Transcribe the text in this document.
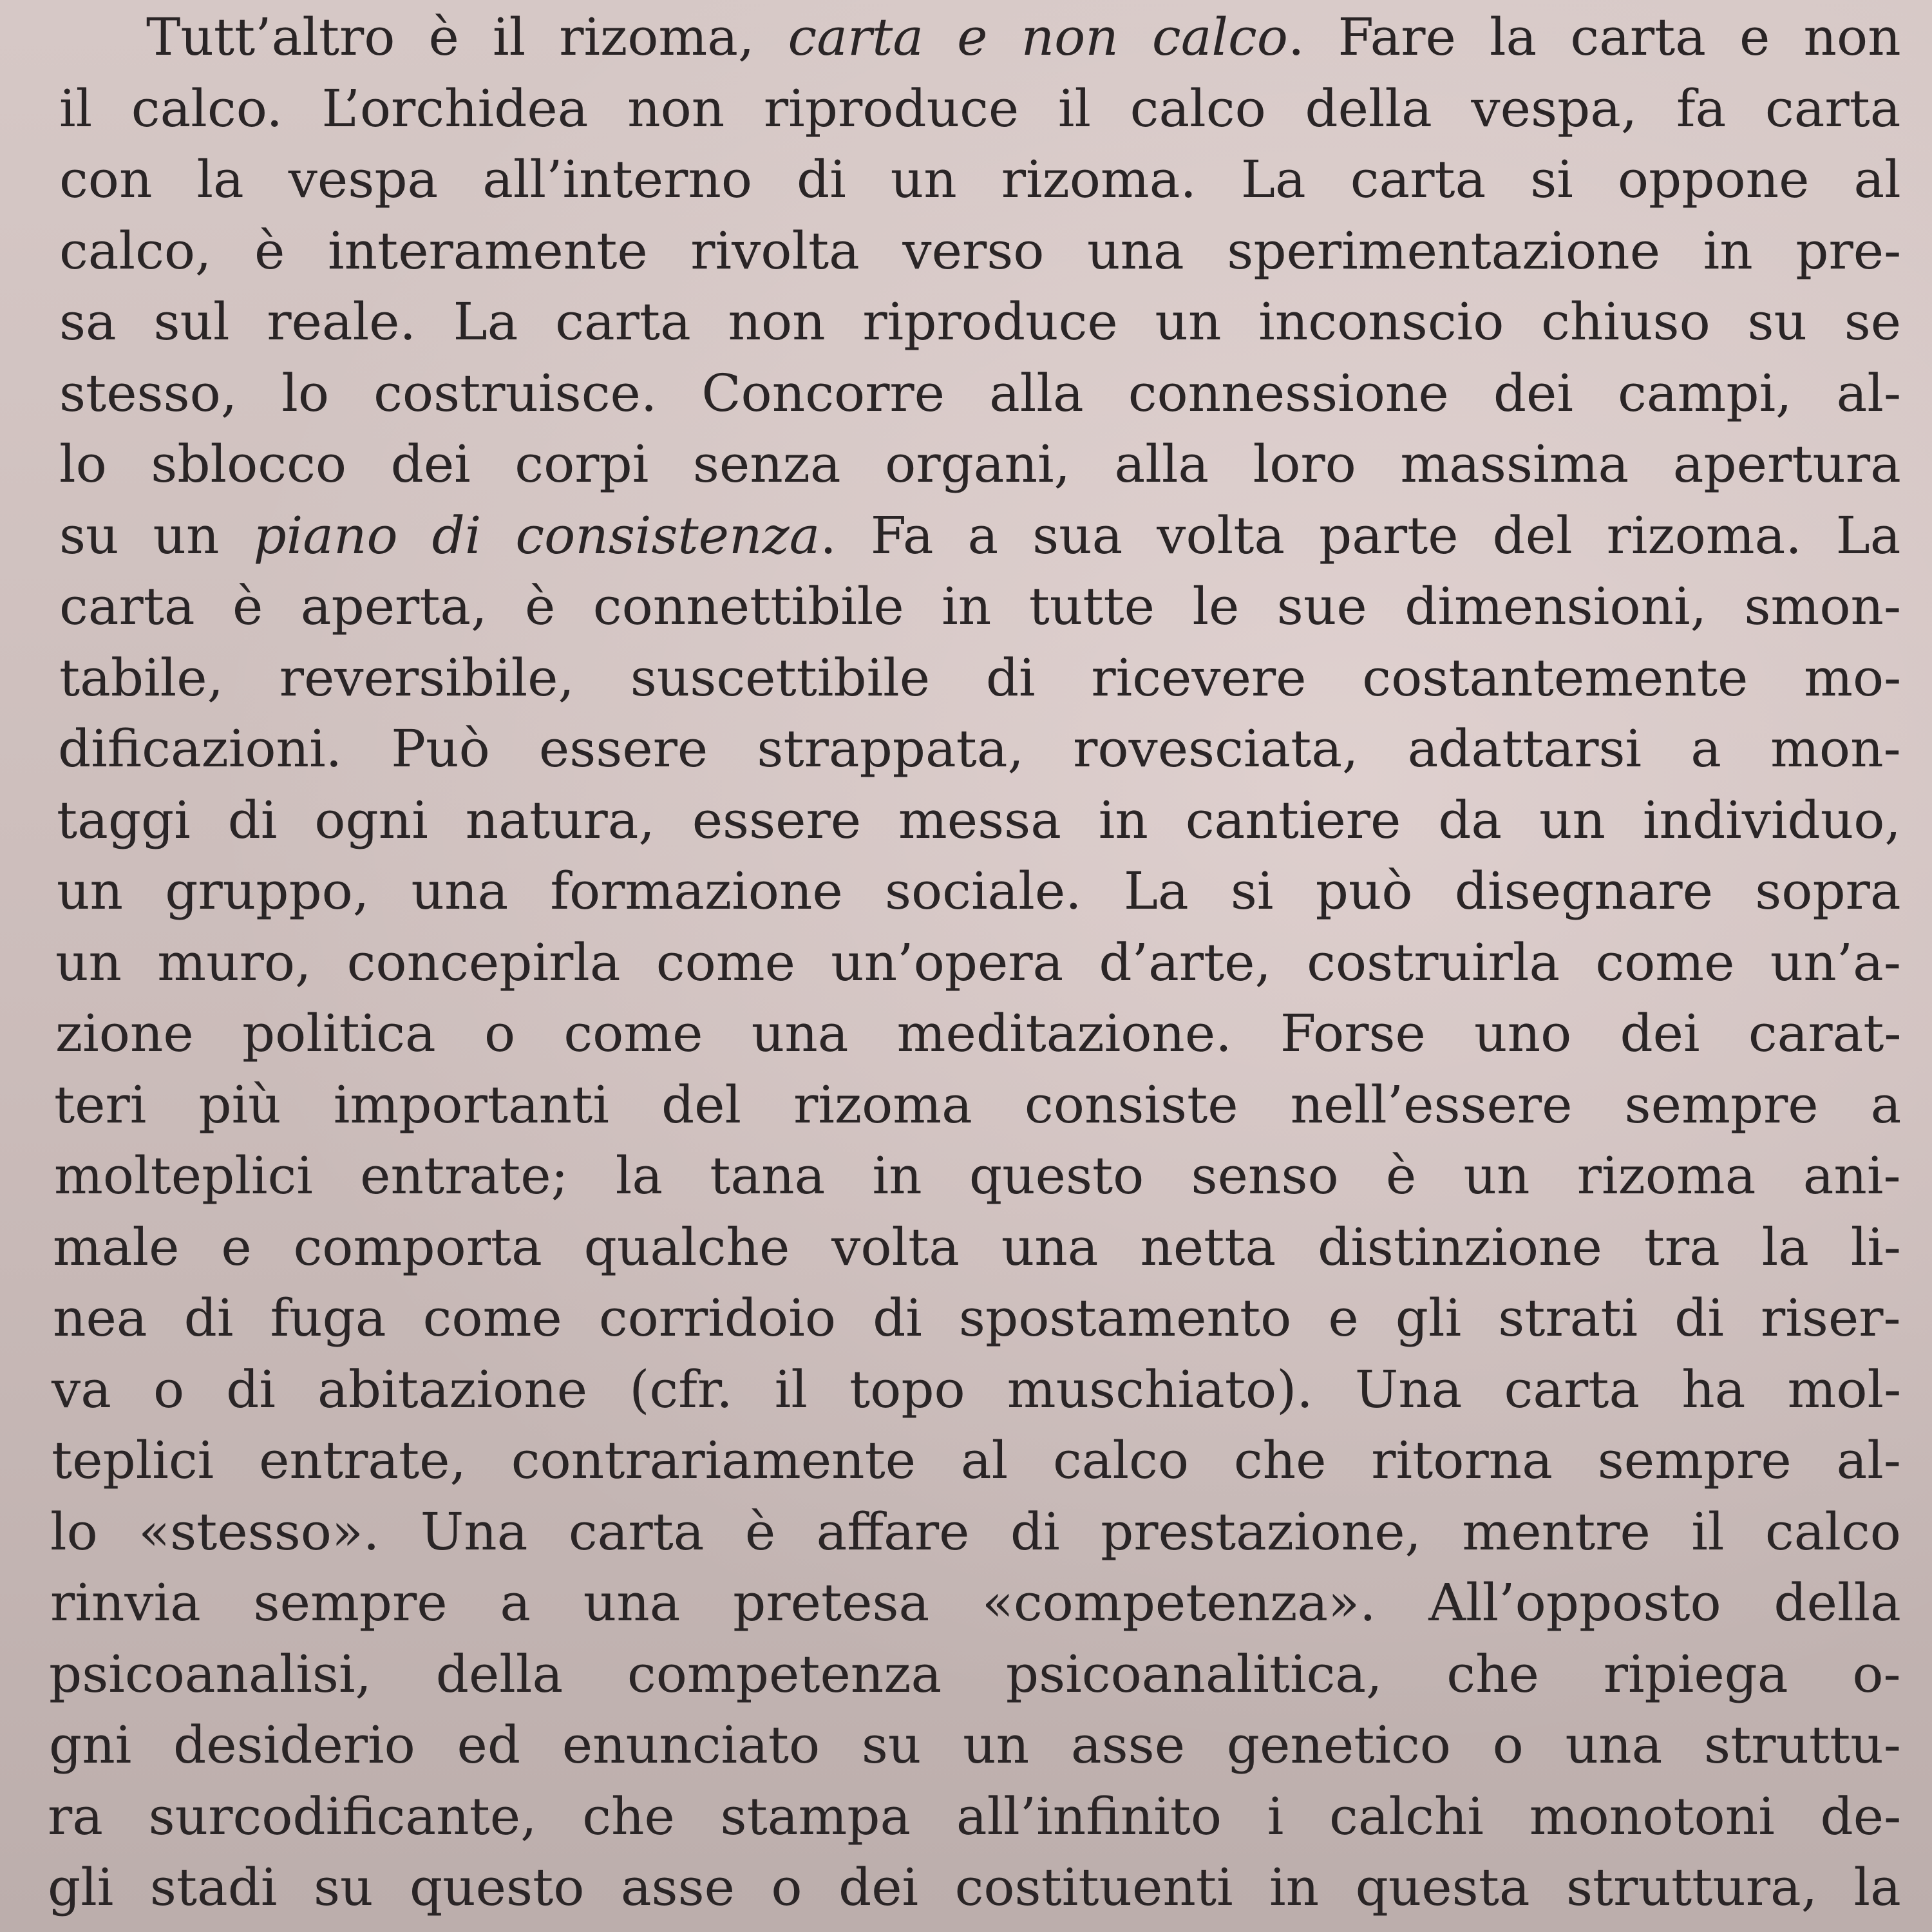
Tutt’altro è il rizoma, carta e non calco. Fare la carta e non
il calco. L’orchidea non riproduce il calco della vespa, fa carta
con la vespa all’interno di un rizoma. La carta si oppone al
calco, è interamente rivolta verso una sperimentazione in pre-
sa sul reale. La carta non riproduce un inconscio chiuso su se
stesso, lo costruisce. Concorre alla connessione dei campi, al-
lo sblocco dei corpi senza organi, alla loro massima apertura
su un piano di consistenza. Fa a sua volta parte del rizoma. La
carta è aperta, è connettibile in tutte le sue dimensioni, smon-
tabile, reversibile, suscettibile di ricevere costantemente mo-
dificazioni. Può essere strappata, rovesciata, adattarsi a mon-
taggi di ogni natura, essere messa in cantiere da un individuo,
un gruppo, una formazione sociale. La si può disegnare sopra
un muro, concepirla come un’opera d’arte, costruirla come un’a-
zione politica o come una meditazione. Forse uno dei carat-
teri più importanti del rizoma consiste nell’essere sempre a
molteplici entrate; la tana in questo senso è un rizoma ani-
male e comporta qualche volta una netta distinzione tra la li-
nea di fuga come corridoio di spostamento e gli strati di riser-
va o di abitazione (cfr. il topo muschiato). Una carta ha mol-
teplici entrate, contrariamente al calco che ritorna sempre al-
lo «stesso». Una carta è affare di prestazione, mentre il calco
rinvia sempre a una pretesa «competenza». All’opposto della
psicoanalisi, della competenza psicoanalitica, che ripiega o-
gni desiderio ed enunciato su un asse genetico o una struttu-
ra surcodificante, che stampa all’infinito i calchi monotoni de-
gli stadi su questo asse o dei costituenti in questa struttura, la
